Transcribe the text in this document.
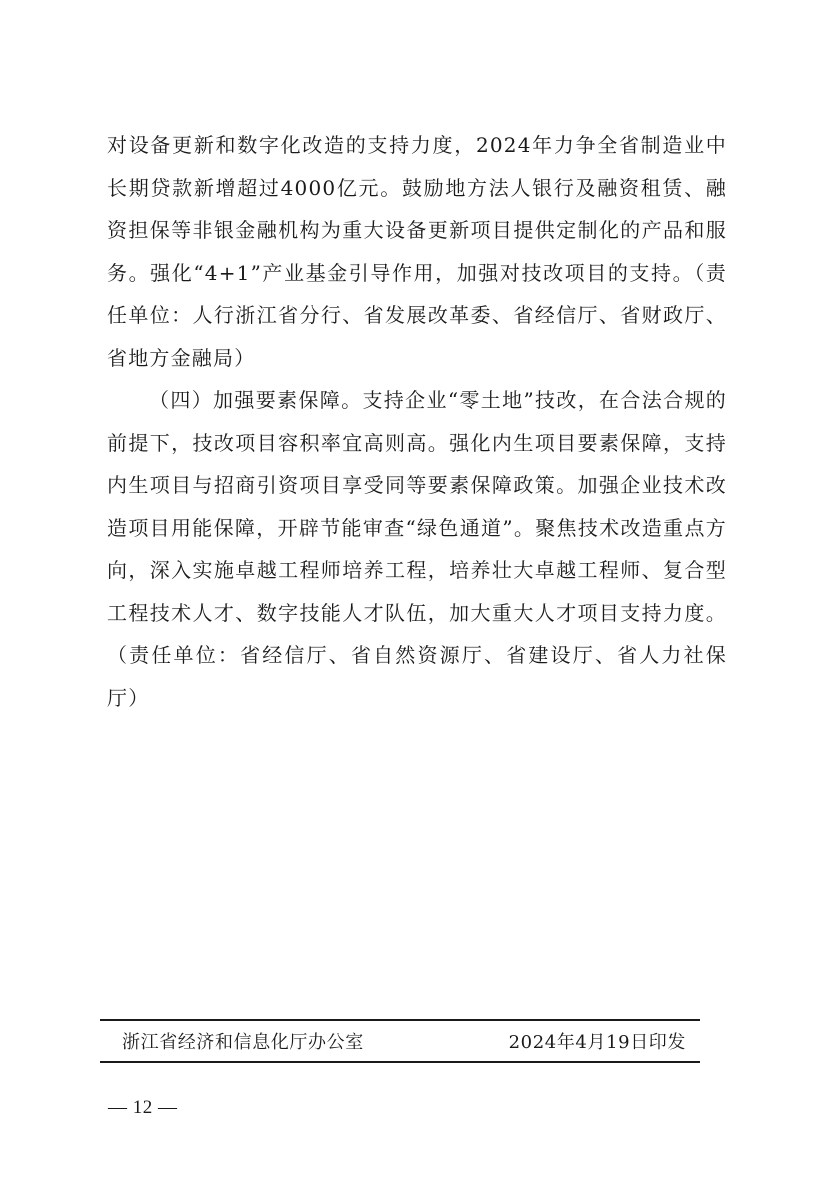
对设备更新和数字化改造的支持力度，2024年力争全省制造业中长期贷款新增超过4000亿元。鼓励地方法人银行及融资租赁、融资担保等非银金融机构为重大设备更新项目提供定制化的产品和服务。强化“4+1”产业基金引导作用，加强对技改项目的支持。（责任单位：人行浙江省分行、省发展改革委、省经信厅、省财政厅、省地方金融局）

（四）加强要素保障。支持企业“零土地”技改，在合法合规的前提下，技改项目容积率宜高则高。强化内生项目要素保障，支持内生项目与招商引资项目享受同等要素保障政策。加强企业技术改造项目用能保障，开辟节能审查“绿色通道”。聚焦技术改造重点方向，深入实施卓越工程师培养工程，培养壮大卓越工程师、复合型工程技术人才、数字技能人才队伍，加大重大人才项目支持力度。（责任单位：省经信厅、省自然资源厅、省建设厅、省人力社保厅）

浙江省经济和信息化厅办公室	2024年4月19日印发
— 12 —
